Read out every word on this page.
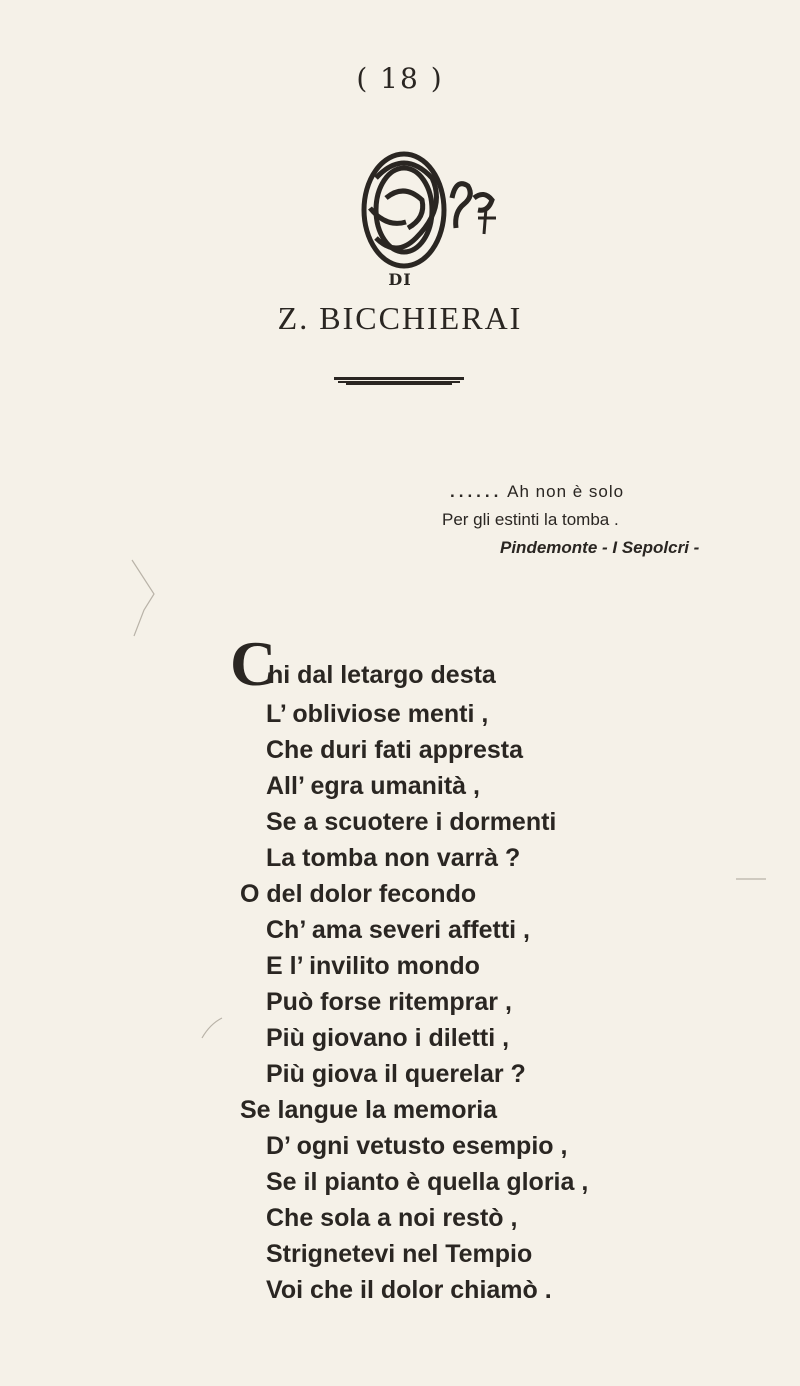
( 18 )
DI
Z. BICCHIERAI
...... Ah non è solo
Per gli estinti la tomba .
Pindemonte - I Sepolcri -
C
hi dal letargo desta
L’ obliviose menti ,
Che duri fati appresta
All’ egra umanità ,
Se a scuotere i dormenti
La tomba non varrà ?
O del dolor fecondo
Ch’ ama severi affetti ,
E l’ invilito mondo
Può forse ritemprar ,
Più giovano i diletti ,
Più giova il querelar ?
Se langue la memoria
D’ ogni vetusto esempio ,
Se il pianto è quella gloria ,
Che sola a noi restò ,
Strignetevi nel Tempio
Voi che il dolor chiamò .
